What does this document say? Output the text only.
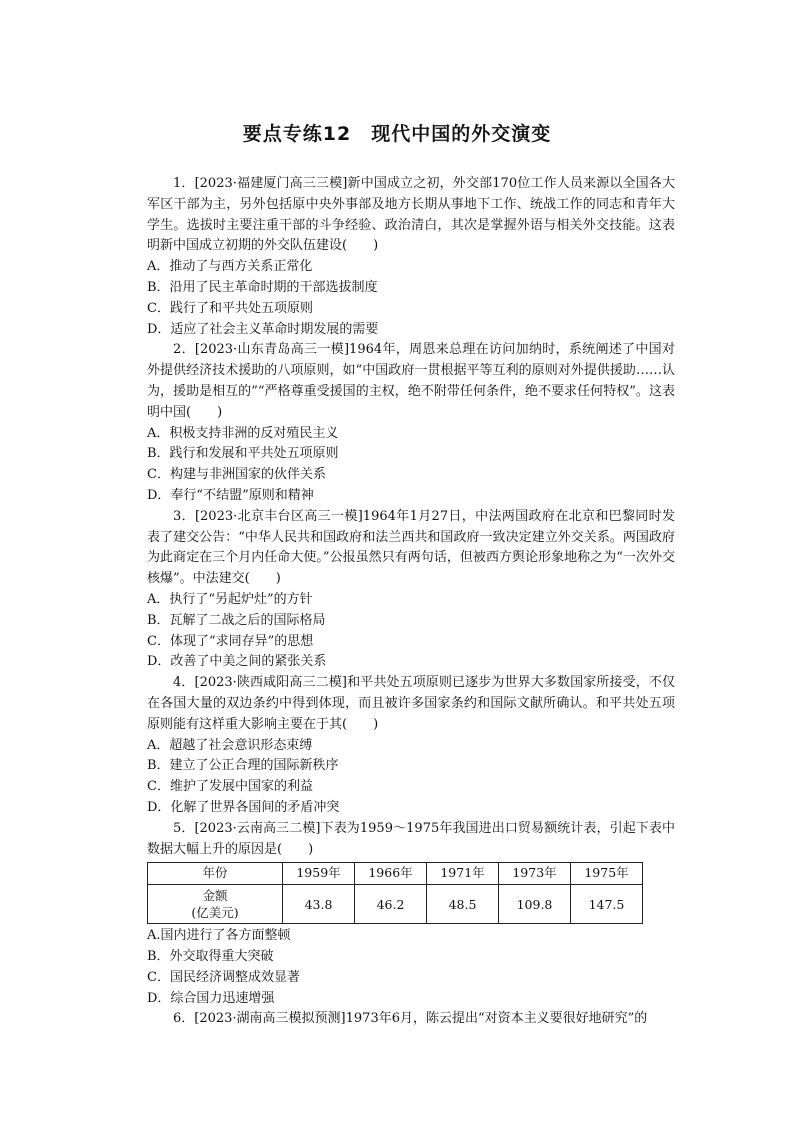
要点专练12　现代中国的外交演变

1．[2023·福建厦门高三三模]新中国成立之初，外交部170位工作人员来源以全国各大军区干部为主，另外包括原中央外事部及地方长期从事地下工作、统战工作的同志和青年大学生。选拔时主要注重干部的斗争经验、政治清白，其次是掌握外语与相关外交技能。这表明新中国成立初期的外交队伍建设(　　)

A．推动了与西方关系正常化

B．沿用了民主革命时期的干部选拔制度

C．践行了和平共处五项原则

D．适应了社会主义革命时期发展的需要

2．[2023·山东青岛高三一模]1964年，周恩来总理在访问加纳时，系统阐述了中国对外提供经济技术援助的八项原则，如“中国政府一贯根据平等互利的原则对外提供援助……认为，援助是相互的”“严格尊重受援国的主权，绝不附带任何条件，绝不要求任何特权”。这表明中国(　　)

A．积极支持非洲的反对殖民主义

B．践行和发展和平共处五项原则

C．构建与非洲国家的伙伴关系

D．奉行“不结盟”原则和精神

3．[2023·北京丰台区高三一模]1964年1月27日，中法两国政府在北京和巴黎同时发表了建交公告：“中华人民共和国政府和法兰西共和国政府一致决定建立外交关系。两国政府为此商定在三个月内任命大使。”公报虽然只有两句话，但被西方舆论形象地称之为“一次外交核爆”。中法建交(　　)

A．执行了“另起炉灶”的方针

B．瓦解了二战之后的国际格局

C．体现了“求同存异”的思想

D．改善了中美之间的紧张关系

4．[2023·陕西咸阳高三二模]和平共处五项原则已逐步为世界大多数国家所接受，不仅在各国大量的双边条约中得到体现，而且被许多国家条约和国际文献所确认。和平共处五项原则能有这样重大影响主要在于其(　　)

A．超越了社会意识形态束缚

B．建立了公正合理的国际新秩序

C．维护了发展中国家的利益

D．化解了世界各国间的矛盾冲突

5．[2023·云南高三二模]下表为1959～1975年我国进出口贸易额统计表，引起下表中数据大幅上升的原因是(　　)

年份	1959年	1966年	1971年	1973年	1975年
金额
(亿美元)	43.8	46.2	48.5	109.8	147.5

A.国内进行了各方面整顿

B．外交取得重大突破

C．国民经济调整成效显著

D．综合国力迅速增强

6．[2023·湖南高三模拟预测]1973年6月，陈云提出“对资本主义要很好地研究”的
